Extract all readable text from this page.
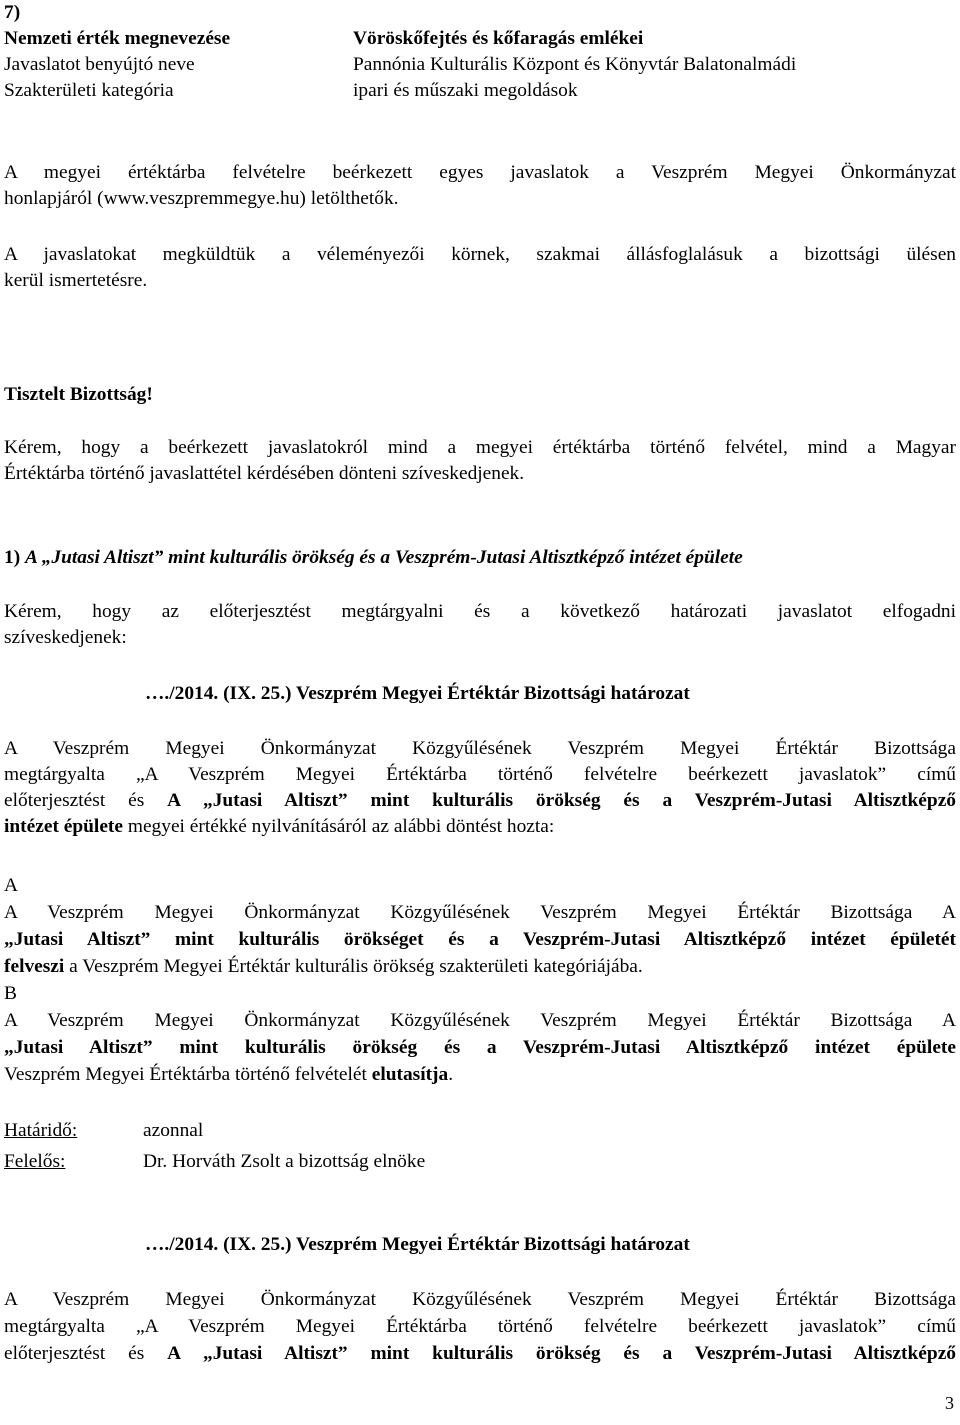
7)
Nemzeti érték megnevezése	Vöröskőfejtés és kőfaragás emlékei
Javaslatot benyújtó neve	Pannónia Kulturális Központ és Könyvtár Balatonalmádi
Szakterületi kategória	ipari és műszaki megoldások
A megyei értéktárba felvételre beérkezett egyes javaslatok a Veszprém Megyei Önkormányzat
honlapjáról (www.veszpremmegye.hu) letölthetők.
A javaslatokat megküldtük a véleményezői körnek, szakmai állásfoglalásuk a bizottsági ülésen
kerül ismertetésre.
Tisztelt Bizottság!
Kérem, hogy a beérkezett javaslatokról mind a megyei értéktárba történő felvétel, mind a Magyar
Értéktárba történő javaslattétel kérdésében dönteni szíveskedjenek.
1) A „Jutasi Altiszt” mint kulturális örökség és a Veszprém-Jutasi Altisztképző intézet épülete
Kérem, hogy az előterjesztést megtárgyalni és a következő határozati javaslatot elfogadni
szíveskedjenek:
…./2014. (IX. 25.) Veszprém Megyei Értéktár Bizottsági határozat
A Veszprém Megyei Önkormányzat Közgyűlésének Veszprém Megyei Értéktár Bizottsága
megtárgyalta „A Veszprém Megyei Értéktárba történő felvételre beérkezett javaslatok” című
előterjesztést és A „Jutasi Altiszt” mint kulturális örökség és a Veszprém-Jutasi Altisztképző
intézet épülete megyei értékké nyilvánításáról az alábbi döntést hozta:
A
A Veszprém Megyei Önkormányzat Közgyűlésének Veszprém Megyei Értéktár Bizottsága A
„Jutasi Altiszt” mint kulturális örökséget és a Veszprém-Jutasi Altisztképző intézet épületét
felveszi a Veszprém Megyei Értéktár kulturális örökség szakterületi kategóriájába.
B
A Veszprém Megyei Önkormányzat Közgyűlésének Veszprém Megyei Értéktár Bizottsága A
„Jutasi Altiszt” mint kulturális örökség és a Veszprém-Jutasi Altisztképző intézet épülete
Veszprém Megyei Értéktárba történő felvételét elutasítja.
Határidő:	azonnal
Felelős:	Dr. Horváth Zsolt a bizottság elnöke
…./2014. (IX. 25.) Veszprém Megyei Értéktár Bizottsági határozat
A Veszprém Megyei Önkormányzat Közgyűlésének Veszprém Megyei Értéktár Bizottsága
megtárgyalta „A Veszprém Megyei Értéktárba történő felvételre beérkezett javaslatok” című
előterjesztést és A „Jutasi Altiszt” mint kulturális örökség és a Veszprém-Jutasi Altisztképző
3
